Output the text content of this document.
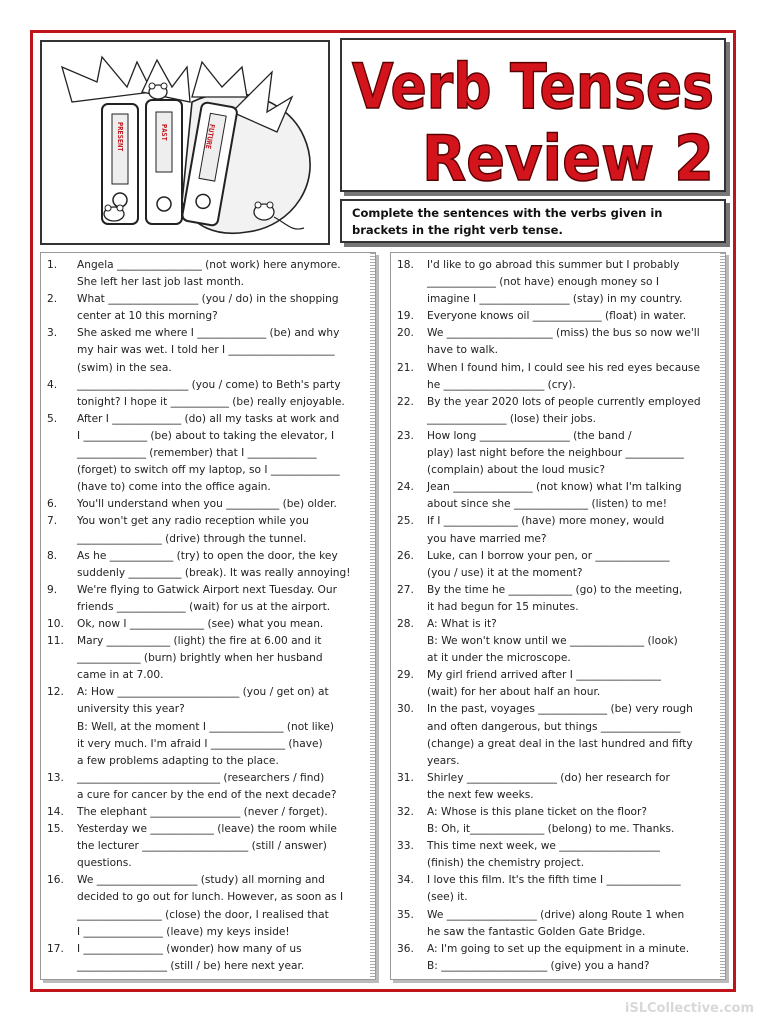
PRESENT	PAST	FUTURE
Verb Tenses
Review 2
Complete the sentences with the verbs given in brackets in the right verb tense.
1.	Angela ________________ (not work) here anymore.
She left her last job last month.
2.	What _________________ (you / do) in the shopping
center at 10 this morning?
3.	She asked me where I _____________ (be) and why
my hair was wet. I told her I ____________________
(swim) in the sea.
4.	_____________________ (you / come) to Beth's party
tonight? I hope it ___________ (be) really enjoyable.
5.	After I _____________ (do) all my tasks at work and
I ____________ (be) about to taking the elevator, I
_____________ (remember) that I _____________
(forget) to switch off my laptop, so I _____________
(have to) come into the office again.
6.	You'll understand when you __________ (be) older.
7.	You won't get any radio reception while you
________________ (drive) through the tunnel.
8.	As he ____________ (try) to open the door, the key
suddenly __________ (break). It was really annoying!
9.	We're flying to Gatwick Airport next Tuesday. Our
friends _____________ (wait) for us at the airport.
10.	Ok, now I ______________ (see) what you mean.
11.	Mary ____________ (light) the fire at 6.00 and it
____________ (burn) brightly when her husband
came in at 7.00.
12.	A: How _______________________ (you / get on) at
university this year?
B: Well, at the moment I ______________ (not like)
it very much. I'm afraid I ______________ (have)
a few problems adapting to the place.
13.	___________________________ (researchers / find)
a cure for cancer by the end of the next decade?
14.	The elephant _________________ (never / forget).
15.	Yesterday we ____________ (leave) the room while
the lecturer ____________________ (still / answer)
questions.
16.	We ___________________ (study) all morning and
decided to go out for lunch. However, as soon as I
________________ (close) the door, I realised that
I _______________ (leave) my keys inside!
17.	I _______________ (wonder) how many of us
_________________ (still / be) here next year.
18.	I'd like to go abroad this summer but I probably
_____________ (not have) enough money so I
imagine I _________________ (stay) in my country.
19.	Everyone knows oil _____________ (float) in water.
20.	We ____________________ (miss) the bus so now we'll
have to walk.
21.	When I found him, I could see his red eyes because
he ___________________ (cry).
22.	By the year 2020 lots of people currently employed
_______________ (lose) their jobs.
23.	How long _________________ (the band /
play) last night before the neighbour ___________
(complain) about the loud music?
24.	Jean _______________ (not know) what I'm talking
about since she ______________ (listen) to me!
25.	If I ______________ (have) more money, would
you have married me?
26.	Luke, can I borrow your pen, or ______________
(you / use) it at the moment?
27.	By the time he ____________ (go) to the meeting,
it had begun for 15 minutes.
28.	A: What is it?
B: We won't know until we ______________ (look)
at it under the microscope.
29.	My girl friend arrived after I ________________
(wait) for her about half an hour.
30.	In the past, voyages _____________ (be) very rough
and often dangerous, but things _______________
(change) a great deal in the last hundred and fifty
years.
31.	Shirley _________________ (do) her research for
the next few weeks.
32.	A: Whose is this plane ticket on the floor?
B: Oh, it______________ (belong) to me. Thanks.
33.	This time next week, we ___________________
(finish) the chemistry project.
34.	I love this film. It's the fifth time I ______________
(see) it.
35.	We _________________ (drive) along Route 1 when
he saw the fantastic Golden Gate Bridge.
36.	A: I'm going to set up the equipment in a minute.
B: ____________________ (give) you a hand?
iSLCollective.com
